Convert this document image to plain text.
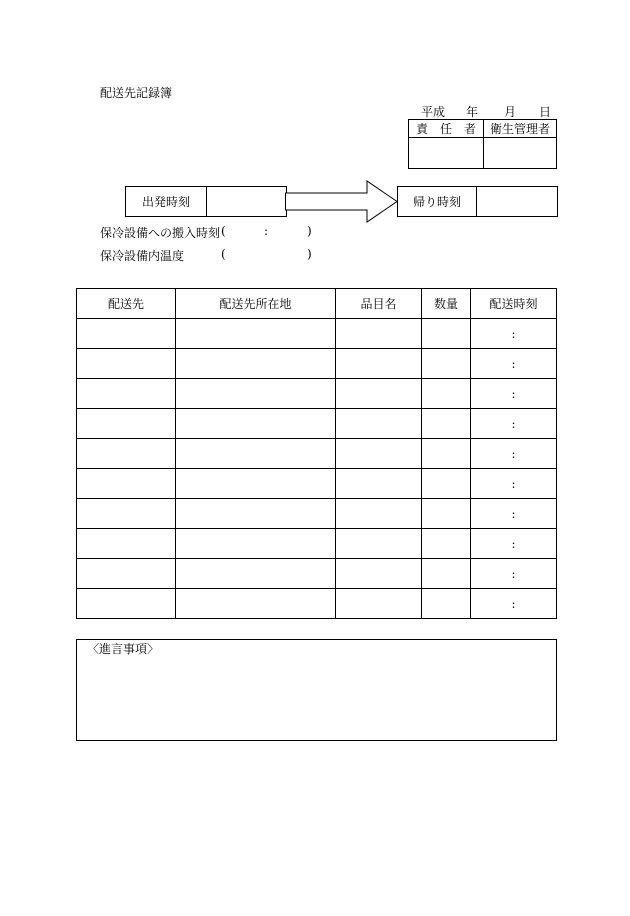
配送先記録簿
平成 年 月 日
責　任　者	衛生管理者

出発時刻	帰り時刻
保冷設備への搬入時刻 (	:	)
保冷設備内温度	(	)
配送先	配送先所在地	品目名	数量	配送時刻
				:
				:
				:
				:
				:
				:
				:
				:
				:
				:
〈進言事項〉
